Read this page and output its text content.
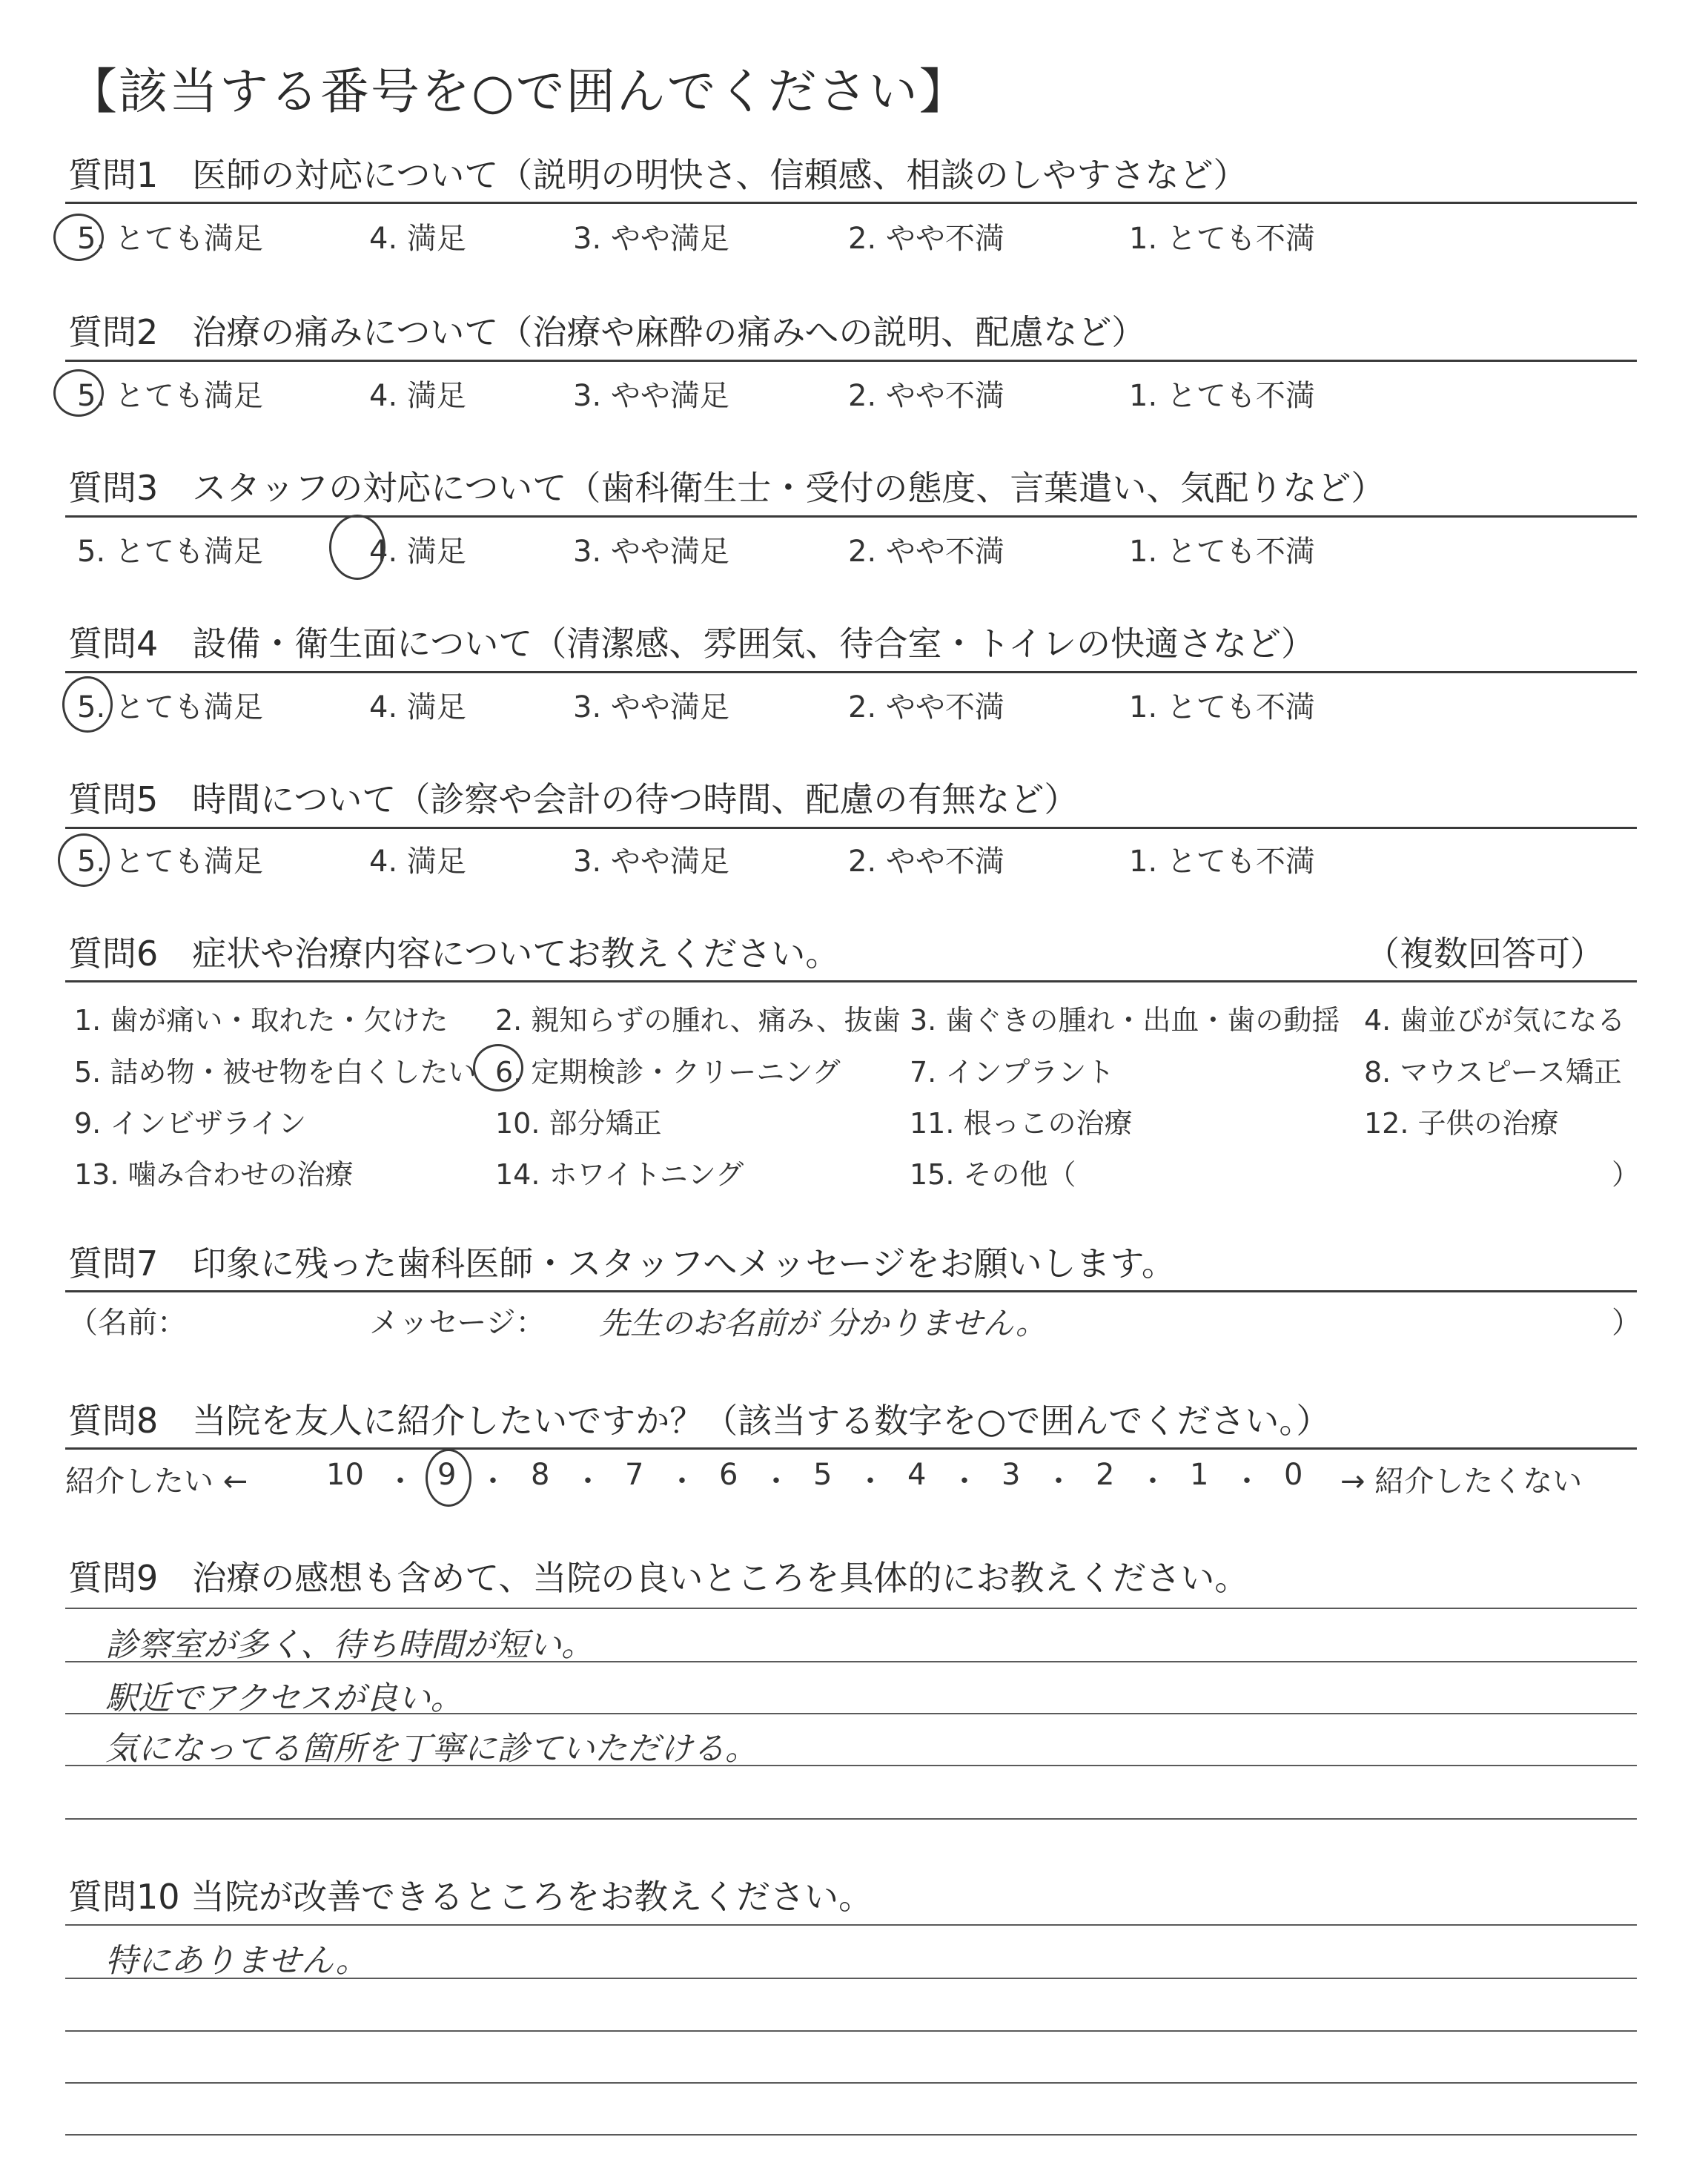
【該当する番号を○で囲んでください】
質問1　医師の対応について（説明の明快さ、信頼感、相談のしやすさなど）
5. とても満足	4. 満足	3. やや満足	2. やや不満	1. とても不満
質問2　治療の痛みについて（治療や麻酔の痛みへの説明、配慮など）
5. とても満足	4. 満足	3. やや満足	2. やや不満	1. とても不満
質問3　スタッフの対応について（歯科衛生士・受付の態度、言葉遣い、気配りなど）
5. とても満足	4. 満足	3. やや満足	2. やや不満	1. とても不満
質問4　設備・衛生面について（清潔感、雰囲気、待合室・トイレの快適さなど）
5. とても満足	4. 満足	3. やや満足	2. やや不満	1. とても不満
質問5　時間について（診察や会計の待つ時間、配慮の有無など）
5. とても満足	4. 満足	3. やや満足	2. やや不満	1. とても不満
質問6　症状や治療内容についてお教えください。	（複数回答可）
1. 歯が痛い・取れた・欠けた 2. 親知らずの腫れ、痛み、抜歯 3. 歯ぐきの腫れ・出血・歯の動揺 4. 歯並びが気になる
5. 詰め物・被せ物を白くしたい 6. 定期検診・クリーニング 7. インプラント	8. マウスピース矯正
9. インビザライン	10. 部分矯正	11. 根っこの治療	12. 子供の治療
13. 噛み合わせの治療	14. ホワイトニング	15. その他（	）
質問7　印象に残った歯科医師・スタッフへメッセージをお願いします。
（名前：	メッセージ： 先生のお名前が 分かりません。	）
質問8　当院を友人に紹介したいですか？（該当する数字を○で囲んでください。）
紹介したい ←	→ 紹介したくない
10 ・ 9 ・ 8 ・ 7 ・ 6 ・ 5 ・ 4 ・ 3 ・ 2 ・ 1 ・ 0
質問9　治療の感想も含めて、当院の良いところを具体的にお教えください。
診察室が多く、待ち時間が短い。
駅近でアクセスが良い。
気になってる箇所を丁寧に診ていただける。
質問10 当院が改善できるところをお教えください。
特にありません。
